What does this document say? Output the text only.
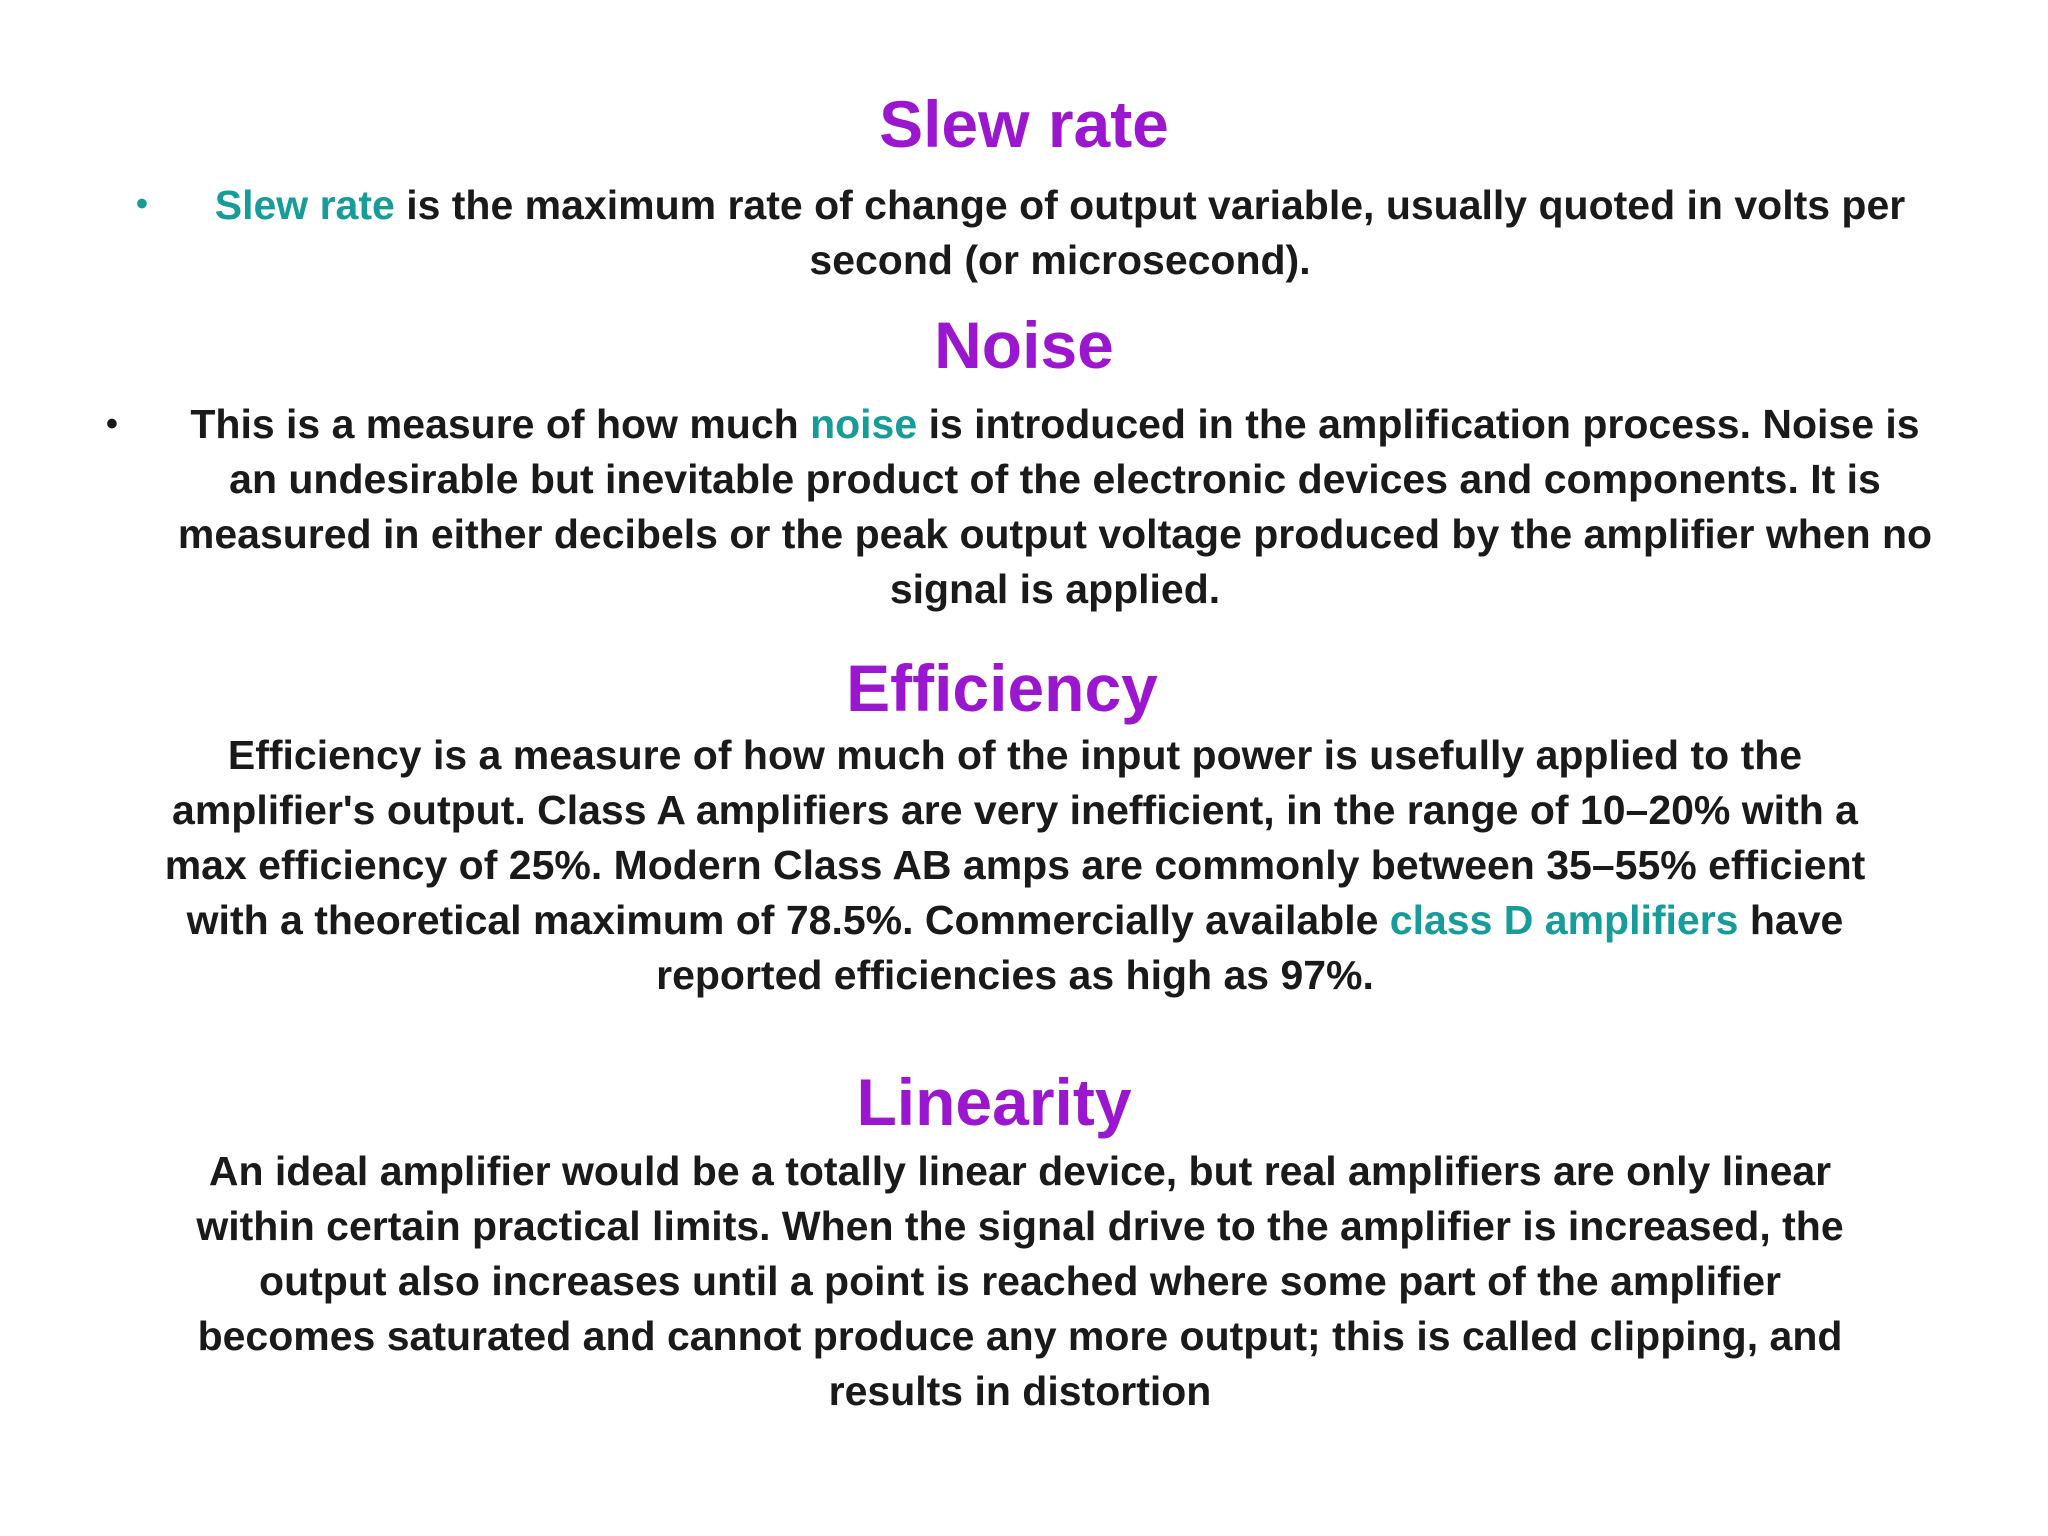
Slew rate
•	Slew rate is the maximum rate of change of output variable, usually quoted in volts per second (or microsecond).

Noise
•	This is a measure of how much noise is introduced in the amplification process. Noise is an undesirable but inevitable product of the electronic devices and components. It is measured in either decibels or the peak output voltage produced by the amplifier when no signal is applied.

Efficiency

Efficiency is a measure of how much of the input power is usefully applied to the amplifier's output. Class A amplifiers are very inefficient, in the range of 10–20% with a max efficiency of 25%. Modern Class AB amps are commonly between 35–55% efficient with a theoretical maximum of 78.5%. Commercially available class D amplifiers have reported efficiencies as high as 97%.

Linearity

An ideal amplifier would be a totally linear device, but real amplifiers are only linear within certain practical limits. When the signal drive to the amplifier is increased, the output also increases until a point is reached where some part of the amplifier becomes saturated and cannot produce any more output; this is called clipping, and results in distortion
